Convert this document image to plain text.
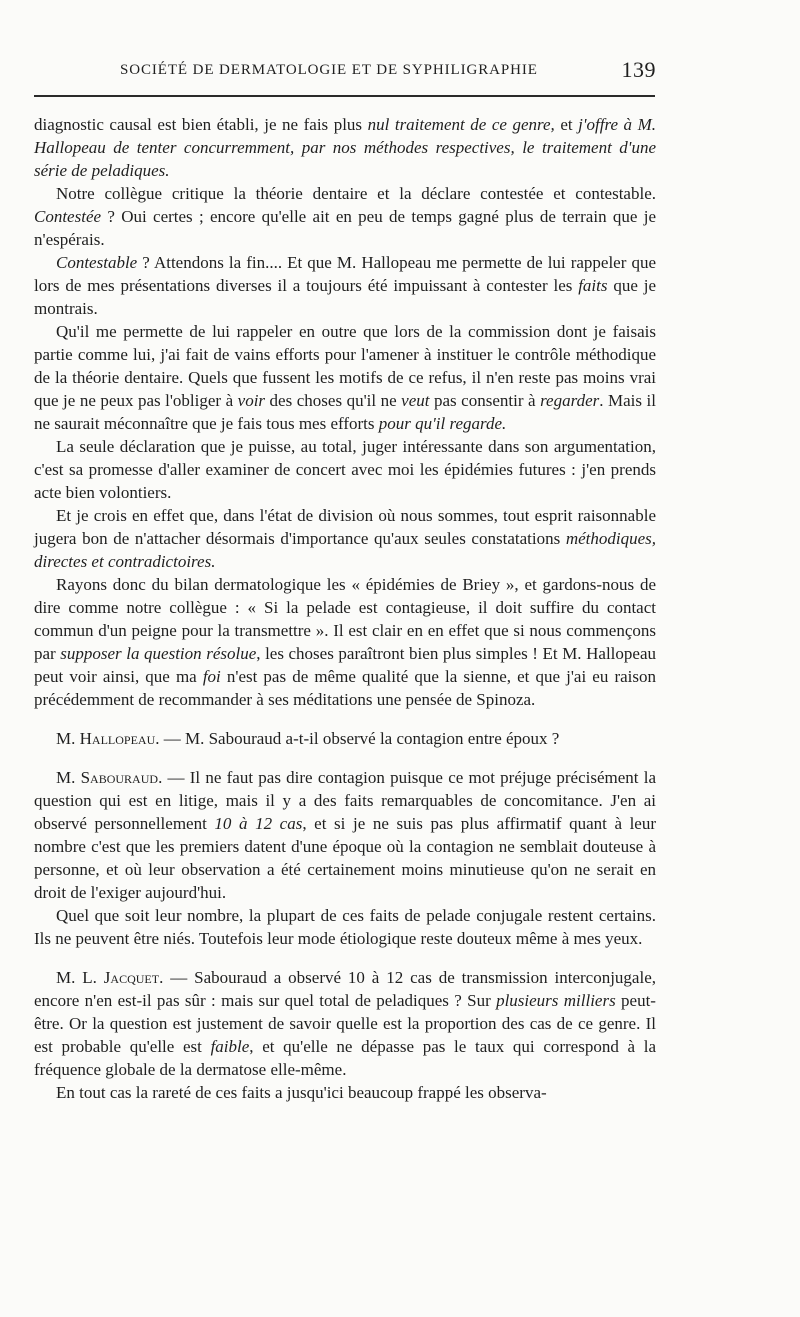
SOCIÉTÉ DE DERMATOLOGIE ET DE SYPHILIGRAPHIE	139

diagnostic causal est bien établi, je ne fais plus nul traitement de ce genre, et j'offre à M. Hallopeau de tenter concurremment, par nos méthodes respectives, le traitement d'une série de peladiques.

Notre collègue critique la théorie dentaire et la déclare contestée et contestable. Contestée ? Oui certes ; encore qu'elle ait en peu de temps gagné plus de terrain que je n'espérais.

Contestable ? Attendons la fin.... Et que M. Hallopeau me permette de lui rappeler que lors de mes présentations diverses il a toujours été impuissant à contester les faits que je montrais.

Qu'il me permette de lui rappeler en outre que lors de la commission dont je faisais partie comme lui, j'ai fait de vains efforts pour l'amener à instituer le contrôle méthodique de la théorie dentaire. Quels que fussent les motifs de ce refus, il n'en reste pas moins vrai que je ne peux pas l'obliger à voir des choses qu'il ne veut pas consentir à regarder. Mais il ne saurait méconnaître que je fais tous mes efforts pour qu'il regarde.

La seule déclaration que je puisse, au total, juger intéressante dans son argumentation, c'est sa promesse d'aller examiner de concert avec moi les épidémies futures : j'en prends acte bien volontiers.

Et je crois en effet que, dans l'état de division où nous sommes, tout esprit raisonnable jugera bon de n'attacher désormais d'importance qu'aux seules constatations méthodiques, directes et contradictoires.

Rayons donc du bilan dermatologique les « épidémies de Briey », et gardons-nous de dire comme notre collègue : « Si la pelade est contagieuse, il doit suffire du contact commun d'un peigne pour la transmettre ». Il est clair en en effet que si nous commençons par supposer la question résolue, les choses paraîtront bien plus simples ! Et M. Hallopeau peut voir ainsi, que ma foi n'est pas de même qualité que la sienne, et que j'ai eu raison précédemment de recommander à ses méditations une pensée de Spinoza.

M. Hallopeau. — M. Sabouraud a-t-il observé la contagion entre époux ?

M. Sabouraud. — Il ne faut pas dire contagion puisque ce mot préjuge précisément la question qui est en litige, mais il y a des faits remarquables de concomitance. J'en ai observé personnellement 10 à 12 cas, et si je ne suis pas plus affirmatif quant à leur nombre c'est que les premiers datent d'une époque où la contagion ne semblait douteuse à personne, et où leur observation a été certainement moins minutieuse qu'on ne serait en droit de l'exiger aujourd'hui.

Quel que soit leur nombre, la plupart de ces faits de pelade conjugale restent certains. Ils ne peuvent être niés. Toutefois leur mode étiologique reste douteux même à mes yeux.

M. L. Jacquet. — Sabouraud a observé 10 à 12 cas de transmission interconjugale, encore n'en est-il pas sûr : mais sur quel total de peladiques ? Sur plusieurs milliers peut-être. Or la question est justement de savoir quelle est la proportion des cas de ce genre. Il est probable qu'elle est faible, et qu'elle ne dépasse pas le taux qui correspond à la fréquence globale de la dermatose elle-même.

En tout cas la rareté de ces faits a jusqu'ici beaucoup frappé les observa-
